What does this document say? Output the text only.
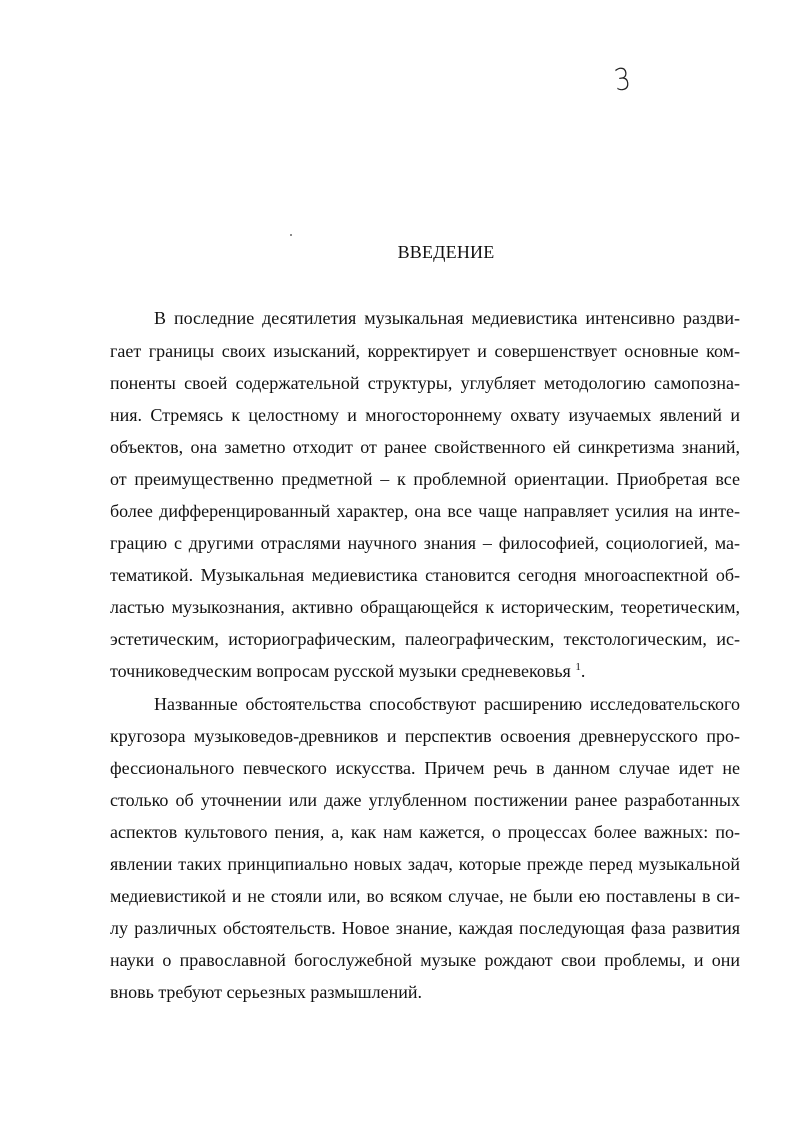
3
ВВЕДЕНИЕ
В последние десятилетия музыкальная медиевистика интенсивно раздви-
гает границы своих изысканий, корректирует и совершенствует основные ком-
поненты своей содержательной структуры, углубляет методологию самопозна-
ния. Стремясь к целостному и многостороннему охвату изучаемых явлений и
объектов, она заметно отходит от ранее свойственного ей синкретизма знаний,
от преимущественно предметной – к проблемной ориентации. Приобретая все
более дифференцированный характер, она все чаще направляет усилия на инте-
грацию с другими отраслями научного знания – философией, социологией, ма-
тематикой. Музыкальная медиевистика становится сегодня многоаспектной об-
ластью музыкознания, активно обращающейся к историческим, теоретическим,
эстетическим, историографическим, палеографическим, текстологическим, ис-
точниковедческим вопросам русской музыки средневековья $^1$.
Названные обстоятельства способствуют расширению исследовательского
кругозора музыковедов-древников и перспектив освоения древнерусского про-
фессионального певческого искусства. Причем речь в данном случае идет не
столько об уточнении или даже углубленном постижении ранее разработанных
аспектов культового пения, а, как нам кажется, о процессах более важных: по-
явлении таких принципиально новых задач, которые прежде перед музыкальной
медиевистикой и не стояли или, во всяком случае, не были ею поставлены в си-
лу различных обстоятельств. Новое знание, каждая последующая фаза развития
науки о православной богослужебной музыке рождают свои проблемы, и они
вновь требуют серьезных размышлений.
